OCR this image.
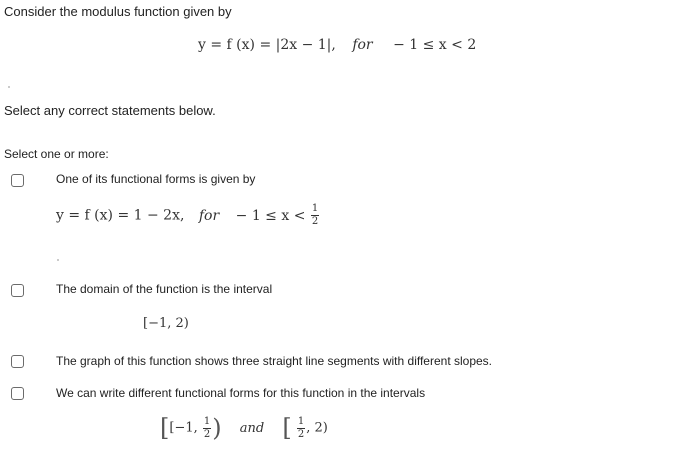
Consider the modulus function given by
y = f (x) = |2x − 1|, for − 1 ≤ x < 2
Select any correct statements below.
Select one or more:
One of its functional forms is given by
y = f (x) = 1 − 2x, for − $1 \le x < \frac{1}{2}$
The domain of the function is the interval
[−1, 2)
The graph of this function shows three straight line segments with different slopes.
We can write different functional forms for this function in the intervals
[[−1, $\frac{1}{2}$ ) and [ $\frac{1}{2}$ , 2)
